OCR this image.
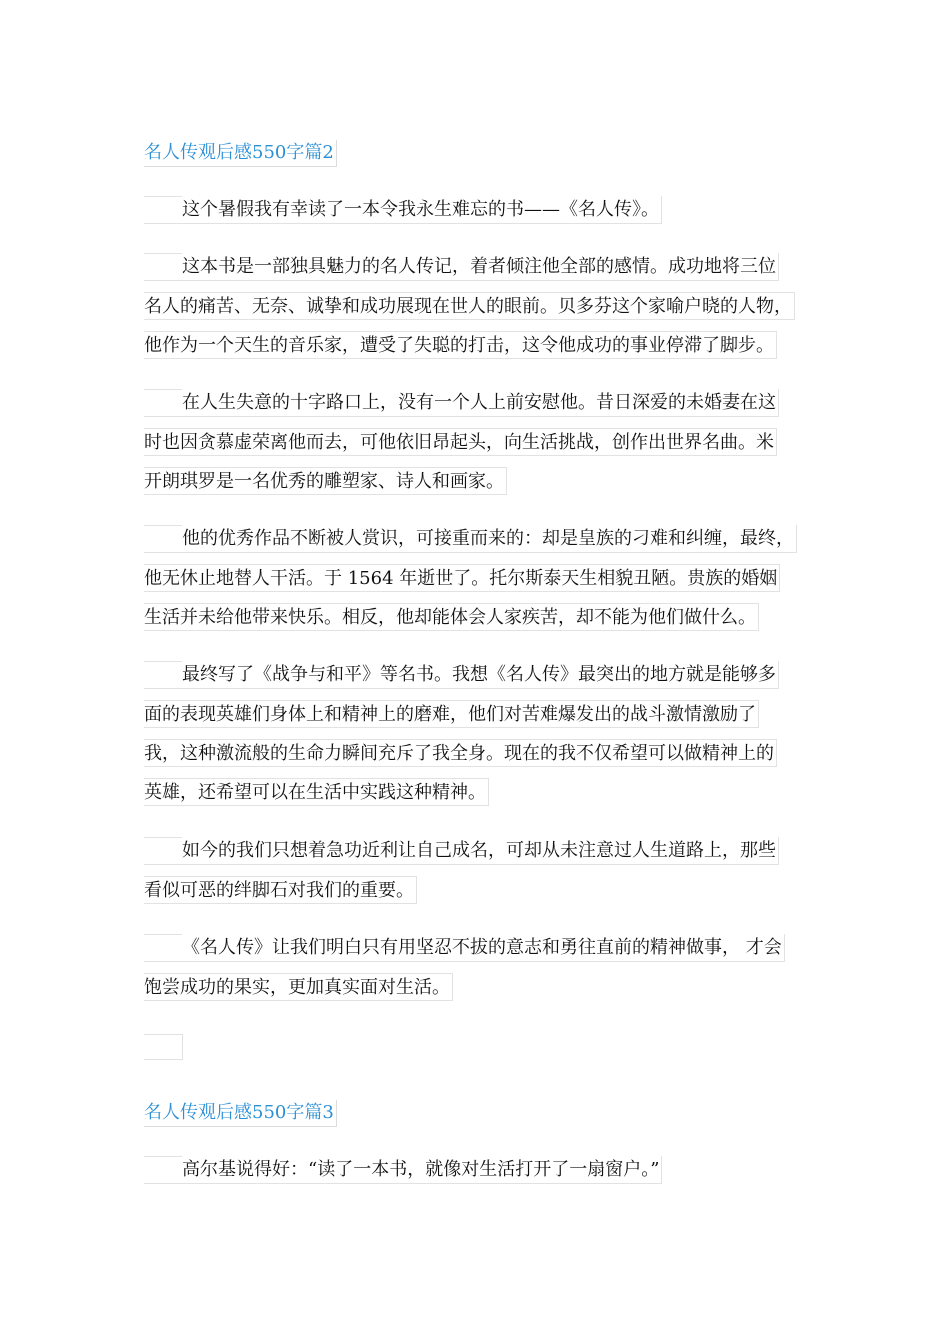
名人传观后感550字篇2
这个暑假我有幸读了一本令我永生难忘的书——《名人传》。
这本书是一部独具魅力的名人传记，着者倾注他全部的感情。成功地将三位
名人的痛苦、无奈、诚挚和成功展现在世人的眼前。贝多芬这个家喻户晓的人物，
他作为一个天生的音乐家，遭受了失聪的打击，这令他成功的事业停滞了脚步。
在人生失意的十字路口上，没有一个人上前安慰他。昔日深爱的未婚妻在这
时也因贪慕虚荣离他而去，可他依旧昂起头，向生活挑战，创作出世界名曲。米
开朗琪罗是一名优秀的雕塑家、诗人和画家。
他的优秀作品不断被人赏识，可接重而来的：却是皇族的刁难和纠缠，最终，
他无休止地替人干活。于 1564 年逝世了。托尔斯泰天生相貌丑陋。贵族的婚姻
生活并未给他带来快乐。相反，他却能体会人家疾苦，却不能为他们做什么。
最终写了《战争与和平》等名书。我想《名人传》最突出的地方就是能够多
面的表现英雄们身体上和精神上的磨难，他们对苦难爆发出的战斗激情激励了
我，这种激流般的生命力瞬间充斥了我全身。现在的我不仅希望可以做精神上的
英雄，还希望可以在生活中实践这种精神。
如今的我们只想着急功近利让自己成名，可却从未注意过人生道路上，那些
看似可恶的绊脚石对我们的重要。
《名人传》让我们明白只有用坚忍不拔的意志和勇往直前的精神做事， 才会
饱尝成功的果实，更加真实面对生活。
名人传观后感550字篇3
高尔基说得好：“读了一本书，就像对生活打开了一扇窗户。”
